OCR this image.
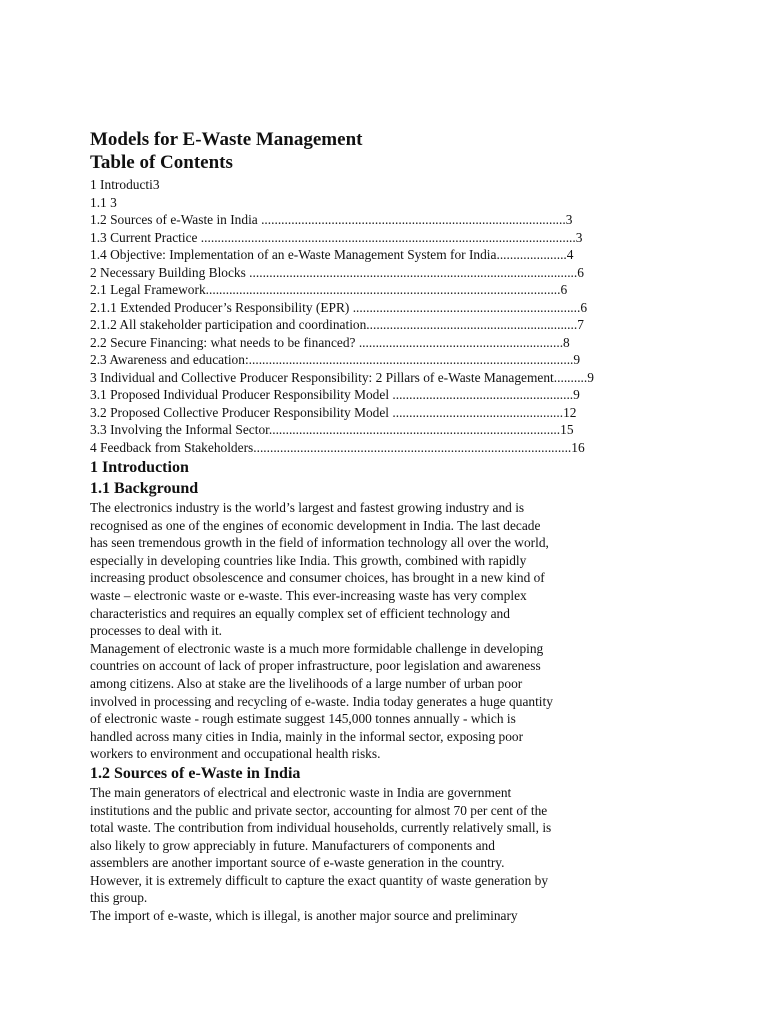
Models for E-Waste Management
Table of Contents
1 Introducti3
1.1 3
1.2 Sources of e-Waste in India ...........................................................................................3
1.3 Current Practice ................................................................................................................3
1.4 Objective: Implementation of an e-Waste Management System for India.....................4
2 Necessary Building Blocks ..................................................................................................6
2.1 Legal Framework..........................................................................................................6
2.1.1 Extended Producer’s Responsibility (EPR) ....................................................................6
2.1.2 All stakeholder participation and coordination...............................................................7
2.2 Secure Financing: what needs to be financed? .............................................................8
2.3 Awareness and education:.................................................................................................9
3 Individual and Collective Producer Responsibility: 2 Pillars of e-Waste Management..........9
3.1 Proposed Individual Producer Responsibility Model ......................................................9
3.2 Proposed Collective Producer Responsibility Model ...................................................12
3.3 Involving the Informal Sector.......................................................................................15
4 Feedback from Stakeholders...............................................................................................16
1 Introduction
1.1 Background

The electronics industry is the world’s largest and fastest growing industry and is
recognised as one of the engines of economic development in India. The last decade
has seen tremendous growth in the field of information technology all over the world,
especially in developing countries like India. This growth, combined with rapidly
increasing product obsolescence and consumer choices, has brought in a new kind of
waste – electronic waste or e-waste. This ever-increasing waste has very complex
characteristics and requires an equally complex set of efficient technology and
processes to deal with it.

Management of electronic waste is a much more formidable challenge in developing
countries on account of lack of proper infrastructure, poor legislation and awareness
among citizens. Also at stake are the livelihoods of a large number of urban poor
involved in processing and recycling of e-waste. India today generates a huge quantity
of electronic waste - rough estimate suggest 145,000 tonnes annually - which is
handled across many cities in India, mainly in the informal sector, exposing poor
workers to environment and occupational health risks.

1.2 Sources of e-Waste in India

The main generators of electrical and electronic waste in India are government
institutions and the public and private sector, accounting for almost 70 per cent of the
total waste. The contribution from individual households, currently relatively small, is
also likely to grow appreciably in future. Manufacturers of components and
assemblers are another important source of e-waste generation in the country.
However, it is extremely difficult to capture the exact quantity of waste generation by
this group.

The import of e-waste, which is illegal, is another major source and preliminary
